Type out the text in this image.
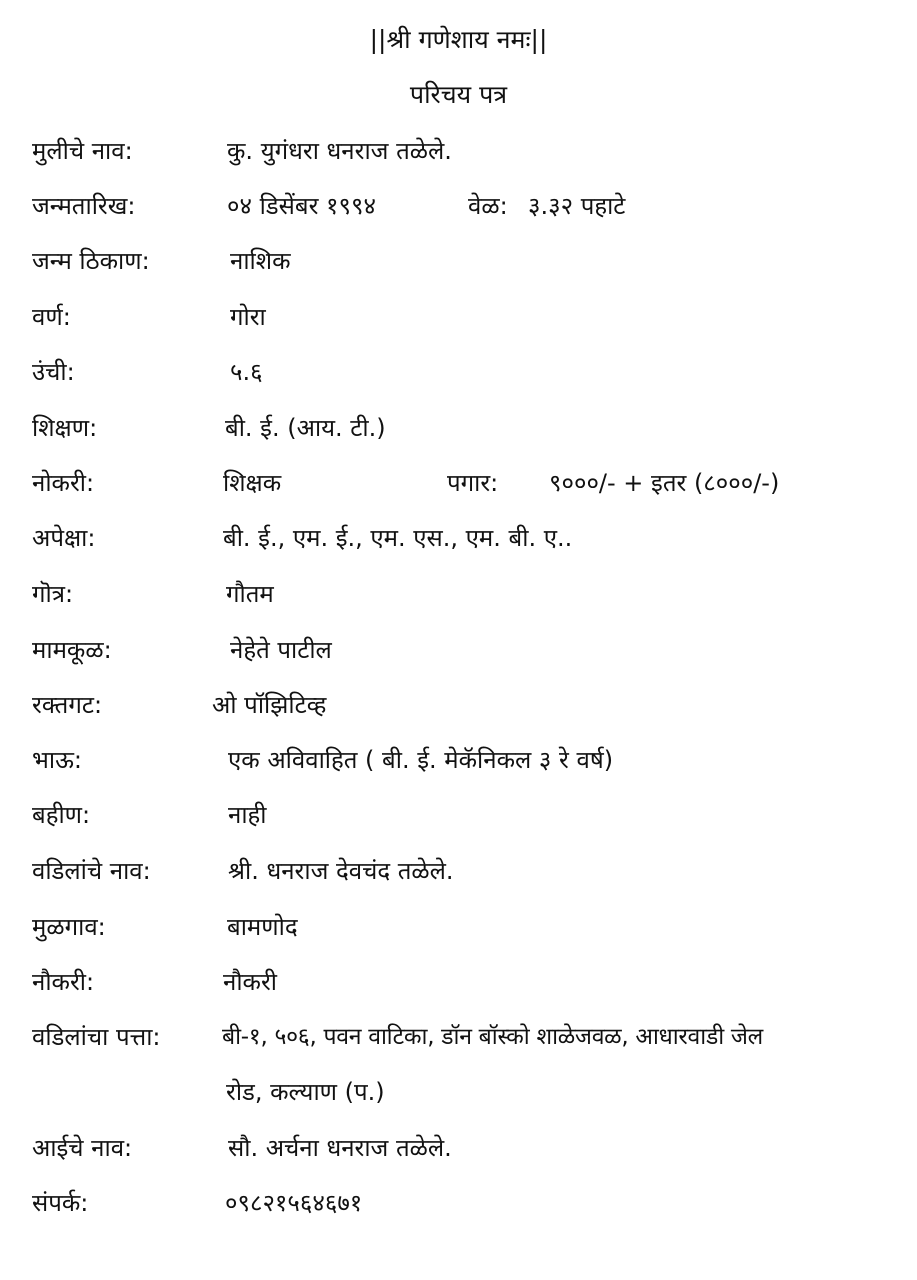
||श्री गणेशाय नमः||
परिचय पत्र
मुलीचे नाव:	कु. युगंधरा धनराज तळेले.
जन्मतारिख:	०४ डिसेंबर १९९४	वेळ: ३.३२ पहाटे
जन्म ठिकाण:	नाशिक
वर्ण:	गोरा
उंची:	५.६
शिक्षण:	बी. ई. (आय. टी.)
नोकरी:	शिक्षक	पगार: ९०००/- + इतर (८०००/-)
अपेक्षा:	बी. ई., एम. ई., एम. एस., एम. बी. ए..
गॊत्र:	गौतम
मामकूळ:	नेहेते पाटील
रक्तगट:	ओ पॉझिटिव्ह
भाऊ:	एक अविवाहित ( बी. ई. मेकॅनिकल ३ रे वर्ष)
बहीण:	नाही
वडिलांचे नाव:	श्री. धनराज देवचंद तळेले.
मुळगाव:	बामणोद
नौकरी:	नौकरी
वडिलांचा पत्ता:	बी-१, ५०६, पवन वाटिका, डॉन बॉस्को शाळेजवळ, आधारवाडी जेल
रोड, कल्याण (प.)
आईचे नाव:	सौ. अर्चना धनराज तळेले.
संपर्क:	०९८२१५६४६७१
